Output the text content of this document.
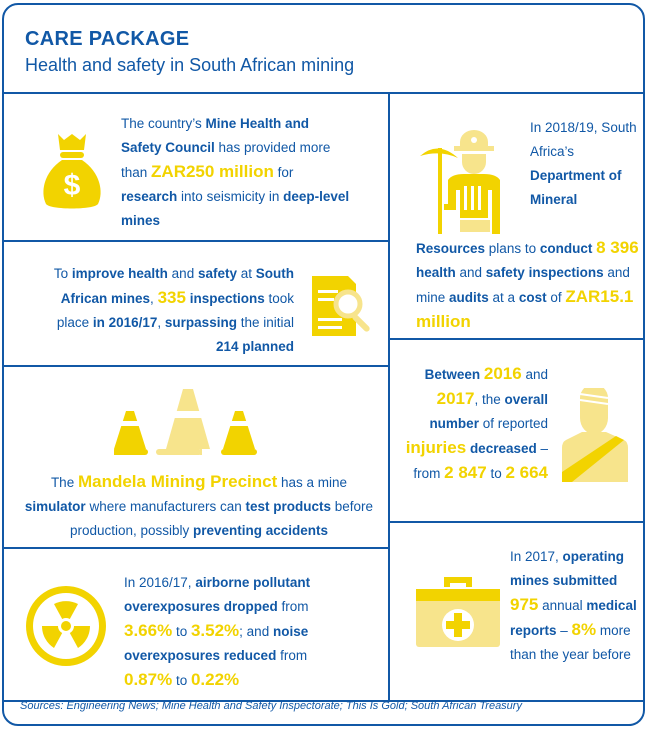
CARE PACKAGE
Health and safety in South African mining
$
The country’s Mine Health and Safety Council has provided more than ZAR250 million for research into seismicity in deep-level mines
To improve health and safety at South African mines, 335 inspections took place in 2016/17, surpassing the initial 214 planned
The Mandela Mining Precinct has a mine simulator where manufacturers can test products before production, possibly preventing accidents
In 2016/17, airborne pollutant overexposures dropped from 3.66% to 3.52%; and noise overexposures reduced from 0.87% to 0.22%
In 2018/19, South Africa’s Department of Mineral
Resources plans to conduct 8 396 health and safety inspections and mine audits at a cost of ZAR15.1 million
Between 2016 and 2017, the overall number of reported injuries decreased – from 2 847 to 2 664
In 2017, operating mines submitted 975 annual medical reports – 8% more than the year before
Sources: Engineering News; Mine Health and Safety Inspectorate; This Is Gold; South African Treasury
